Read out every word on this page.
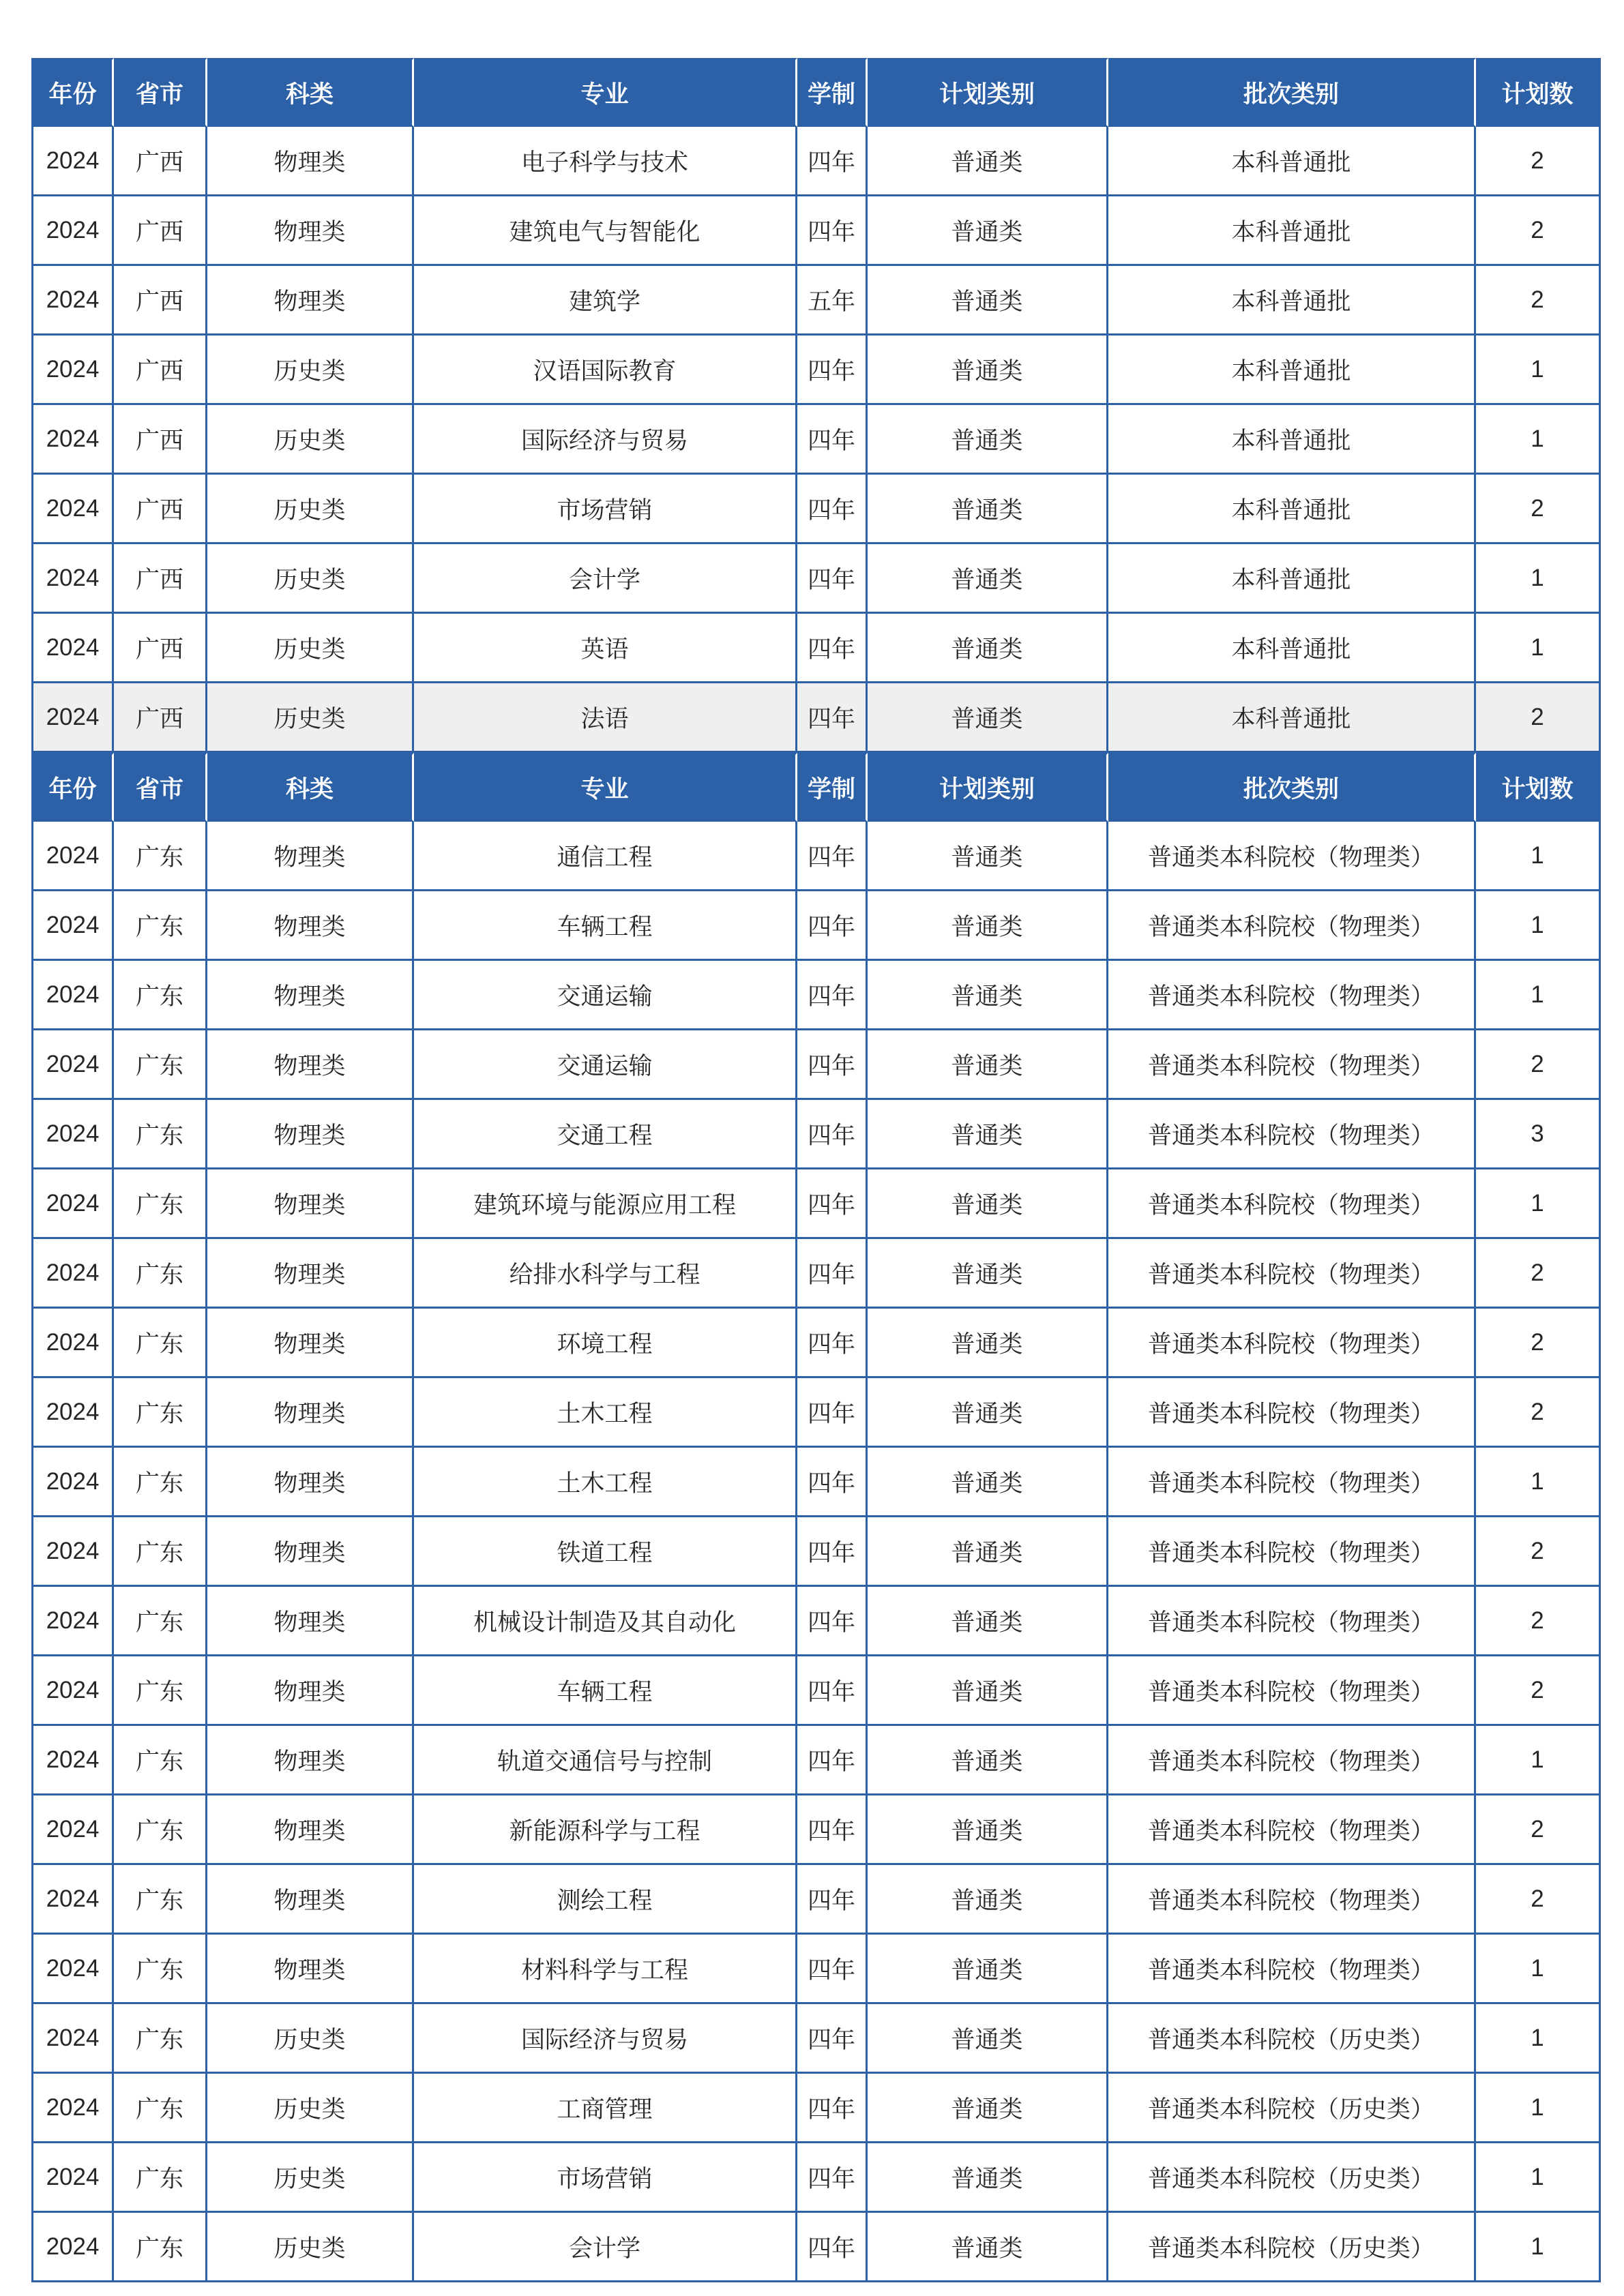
年份	省市	科类	专业	学制	计划类别	批次类别	计划数
2024	广西	物理类	电子科学与技术	四年	普通类	本科普通批	2
2024	广西	物理类	建筑电气与智能化	四年	普通类	本科普通批	2
2024	广西	物理类	建筑学	五年	普通类	本科普通批	2
2024	广西	历史类	汉语国际教育	四年	普通类	本科普通批	1
2024	广西	历史类	国际经济与贸易	四年	普通类	本科普通批	1
2024	广西	历史类	市场营销	四年	普通类	本科普通批	2
2024	广西	历史类	会计学	四年	普通类	本科普通批	1
2024	广西	历史类	英语	四年	普通类	本科普通批	1
2024	广西	历史类	法语	四年	普通类	本科普通批	2
年份	省市	科类	专业	学制	计划类别	批次类别	计划数
2024	广东	物理类	通信工程	四年	普通类	普通类本科院校（物理类）	1
2024	广东	物理类	车辆工程	四年	普通类	普通类本科院校（物理类）	1
2024	广东	物理类	交通运输	四年	普通类	普通类本科院校（物理类）	1
2024	广东	物理类	交通运输	四年	普通类	普通类本科院校（物理类）	2
2024	广东	物理类	交通工程	四年	普通类	普通类本科院校（物理类）	3
2024	广东	物理类	建筑环境与能源应用工程	四年	普通类	普通类本科院校（物理类）	1
2024	广东	物理类	给排水科学与工程	四年	普通类	普通类本科院校（物理类）	2
2024	广东	物理类	环境工程	四年	普通类	普通类本科院校（物理类）	2
2024	广东	物理类	土木工程	四年	普通类	普通类本科院校（物理类）	2
2024	广东	物理类	土木工程	四年	普通类	普通类本科院校（物理类）	1
2024	广东	物理类	铁道工程	四年	普通类	普通类本科院校（物理类）	2
2024	广东	物理类	机械设计制造及其自动化	四年	普通类	普通类本科院校（物理类）	2
2024	广东	物理类	车辆工程	四年	普通类	普通类本科院校（物理类）	2
2024	广东	物理类	轨道交通信号与控制	四年	普通类	普通类本科院校（物理类）	1
2024	广东	物理类	新能源科学与工程	四年	普通类	普通类本科院校（物理类）	2
2024	广东	物理类	测绘工程	四年	普通类	普通类本科院校（物理类）	2
2024	广东	物理类	材料科学与工程	四年	普通类	普通类本科院校（物理类）	1
2024	广东	历史类	国际经济与贸易	四年	普通类	普通类本科院校（历史类）	1
2024	广东	历史类	工商管理	四年	普通类	普通类本科院校（历史类）	1
2024	广东	历史类	市场营销	四年	普通类	普通类本科院校（历史类）	1
2024	广东	历史类	会计学	四年	普通类	普通类本科院校（历史类）	1
